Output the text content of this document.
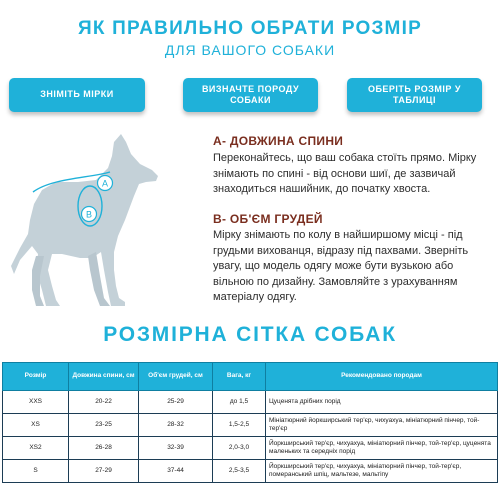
ЯК ПРАВИЛЬНО ОБРАТИ РОЗМІР
ДЛЯ ВАШОГО СОБАКИ
ЗНІМІТЬ МІРКИ
ВИЗНАЧТЕ ПОРОДУ СОБАКИ
ОБЕРІТЬ РОЗМІР У ТАБЛИЦІ
A
B
А- ДОВЖИНА СПИНИ
Переконайтесь, що ваш собака стоїть прямо. Мірку знімають по спині - від основи шиї, де зазвичай знаходиться нашийник, до початку хвоста.
В- ОБ'ЄМ ГРУДЕЙ
Мірку знімають по колу в найширшому місці - під грудьми вихованця, відразу під пахвами. Зверніть увагу, що модель одягу може бути вузькою або вільною по дизайну. Замовляйте з урахуванням матеріалу одягу.
РОЗМІРНА СІТКА СОБАК
Розмір	Довжина спини, см	Об'єм грудей, см	Вага, кг	Рекомендовано породам
XXS	20-22	25-29	до 1,5	Цуценята дрібних порід
XS	23-25	28-32	1,5-2,5	Мініатюрний йоркширський тер'єр, чихуахуа, мініатюрний пінчер, той-тер'єр
XS2	26-28	32-39	2,0-3,0	Йоркширський тер'єр, чихуахуа, мініатюрний пінчер, той-тер'єр, цуценята маленьких та середніх порід
S	27-29	37-44	2,5-3,5	Йоркширський тер'єр, чихуахуа, мініатюрний пінчер, той-тер'єр, померанський шпіц, мальтезе, мальтіпу
